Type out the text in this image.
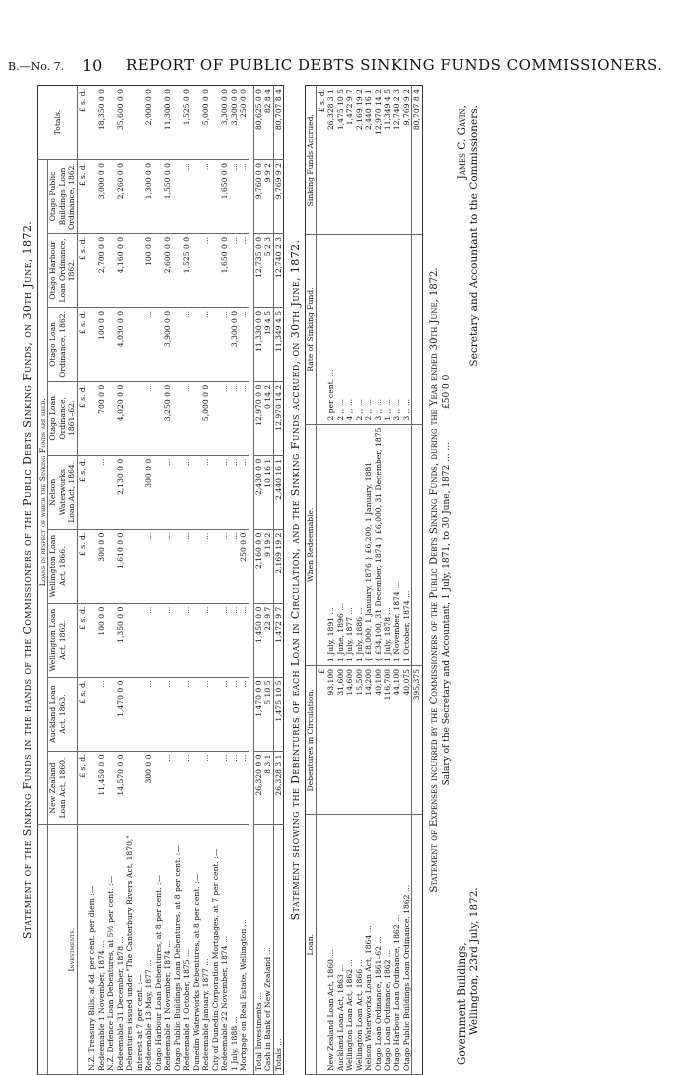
B.—No. 7. 10 REPORT OF PUBLIC DEBTS SINKING FUNDS COMMISSIONERS.
Statement of the Sinking Funds in the hands of the Commissioners of the Public Debts Sinking Funds, on 30th June, 1872.
	Loans in respect of which the Sinking Funds are held.									Totals.
Investments.	New Zealand Loan Act, 1860.	Auckland Loan Act, 1863.	Wellington Loan Act, 1862.	Wellington Loan Act, 1866.	Nelson Waterworks Loan Act, 1864.	Otago Loan Ordinance, 1861–62.	Otago Loan Ordinance, 1862.	Otago Harbour Loan Ordinance, 1862.	Otago Public Buildings Loan Ordinance, 1862.	
	£ s. d.	£ s. d.	£ s. d.	£ s. d.	£ s. d.	£ s. d.	£ s. d.	£ s. d.	£ s. d.	£ s. d.
N.Z. Treasury Bills, at 4d. per cent. per diem :—										
Redeemable 1 November, 1874 ...	11,450 0 0	...	100 0 0	300 0 0	...	700 0 0	100 0 0	2,700 0 0	3,000 0 0	18,350 0 0
N.Z. Defence Loan Debentures, at 5½ per cent. :—										
Redeemable 31 December, 1878 ...	14,570 0 0	1,470 0 0	1,350 0 0	1,610 0 0	2,130 0 0	4,020 0 0	4,030 0 0	4,160 0 0	2,260 0 0	35,600 0 0
Debentures issued under "The Canterbury Rivers Act, 1870," interest at 7 per cent. :—										
Redeemable 13 May, 1877 ...	300 0 0	...	...	...	300 0 0	...	...	100 0 0	1,300 0 0	2,000 0 0
Otago Harbour Loan Debentures, at 8 per cent. :—										
Redeemable 1 November, 1874 ...	...	...	...	...	...	3,250 0 0	3,900 0 0	2,600 0 0	1,550 0 0	11,300 0 0
Otago Public Buildings Loan Debentures, at 8 per cent. :—										
Redeemable 1 October, 1875 ...	...	...	...	...	...	...	...	1,525 0 0	...	1,525 0 0
Dunedin Waterworks Debentures, at 8 per cent. :—										
Redeemable January, 1877 ...	...	...	...	...	...	5,000 0 0	...	...	...	5,000 0 0
City of Dunedin Corporation Mortgages, at 7 per cent. :—										
Redeemable 22 November, 1874 ...	...	...	...	...	...	...	...	1,650 0 0	1,650 0 0	3,300 0 0
1 July, 1888 ...	...	...	...	...	...	...	3,300 0 0	...	...	3,300 0 0
Mortgage on Real Estate, Wellington ...	...	...	...	250 0 0	...	...	...	...	...	250 0 0

Total Investments ...	26,320 0 0	1,470 0 0	1,450 0 0	2,160 0 0	2,430 0 0	12,970 0 0	11,330 0 0	12,735 0 0	9,760 0 0	80,625 0 0
Cash in Bank of New Zealand ...	8 3 1	5 10 5	22 9 7	9 19 2	10 16 1	0 14 2	19 4 5	5 2 3	9 9 2	82 8 4
Totals ...	26,328 3 1	1,475 10 5	1,472 9 7	2,169 19 2	2,440 16 1	12,970 14 2	11,349 4 5	12,740 2 3	9,769 9 2	80,707 8 4
Statement showing the Debentures of each Loan in Circulation, and the Sinking Funds accrued, on 30th June, 1872.
Loan.	Debentures in Circulation.	When Redeemable.	Rate of Sinking Fund.	Sinking Funds Accrued.
	£			£ s. d.
New Zealand Loan Act, 1860 ...	93,100	1 July, 1891 ...	2 per cent. ...	26,328 3 1
Auckland Loan Act, 1863 ...	31,600	1 June, 1896 ...	2 ,, ...	1,475 10 5
Wellington Loan Act, 1862 ...	14,600	1 July, 1877 ...	4 ,, ...	1,472 9 7
Wellington Loan Act, 1866 ...	15,500	1 July, 1886 ...	2 ,, ...	2,169 19 2
Nelson Waterworks Loan Act, 1864 ...	14,200	{ £8,000, 1 January, 1876 } £6,200, 1 January, 1881	2 ,, ...	2,440 16 1
Otago Loan Ordinance, 1861–62 ...	40,100	{ £34,100, 31 December, 1874 } £6,000, 31 December, 1875	3 ,, ...	12,970 14 2
Otago Loan Ordinance, 1862 ...	116,700	1 July, 1878 ...	1 ,, ...	11,349 4 5
Otago Harbour Loan Ordinance, 1862 ...	44,100	1 November, 1874 ...	3 ,, ...	12,740 2 3
Otago Public Buildings Loan Ordinance, 1862 ...	40,075	1 October, 1874 ...	3 ,, ...	9,769 9 2
	395,375			80,707 8 4
Statement of Expenses incurred by the Commissioners of the Public Debts Sinking Funds, during the Year ended 30th June, 1872. Salary of the Secretary and Accountant, 1 July, 1871, to 30 June, 1872 ... ... £50 0 0
Government Buildings, Wellington, 23rd July, 1872.
James C. Gavin, Secretary and Accountant to the Commissioners.
